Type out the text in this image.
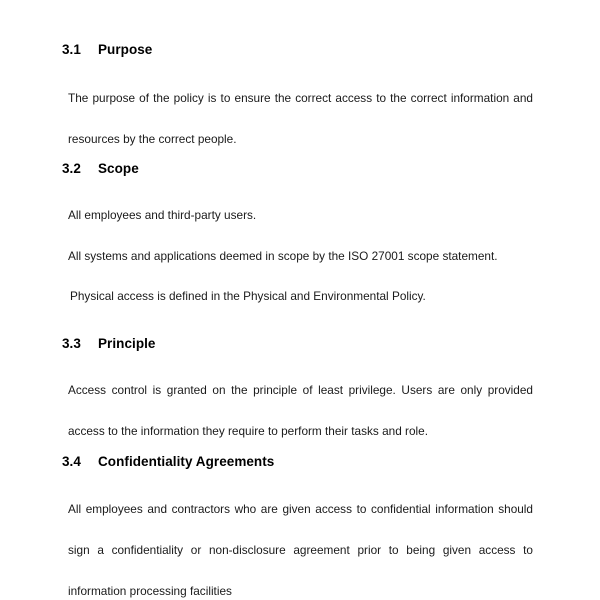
3.1 Purpose
The purpose of the policy is to ensure the correct access to the correct information and resources by the correct people.
3.2 Scope
All employees and third-party users.
All systems and applications deemed in scope by the ISO 27001 scope statement.
Physical access is defined in the Physical and Environmental Policy.
3.3 Principle
Access control is granted on the principle of least privilege. Users are only provided access to the information they require to perform their tasks and role.
3.4 Confidentiality Agreements
All employees and contractors who are given access to confidential information should sign a confidentiality or non-disclosure agreement prior to being given access to information processing facilities
